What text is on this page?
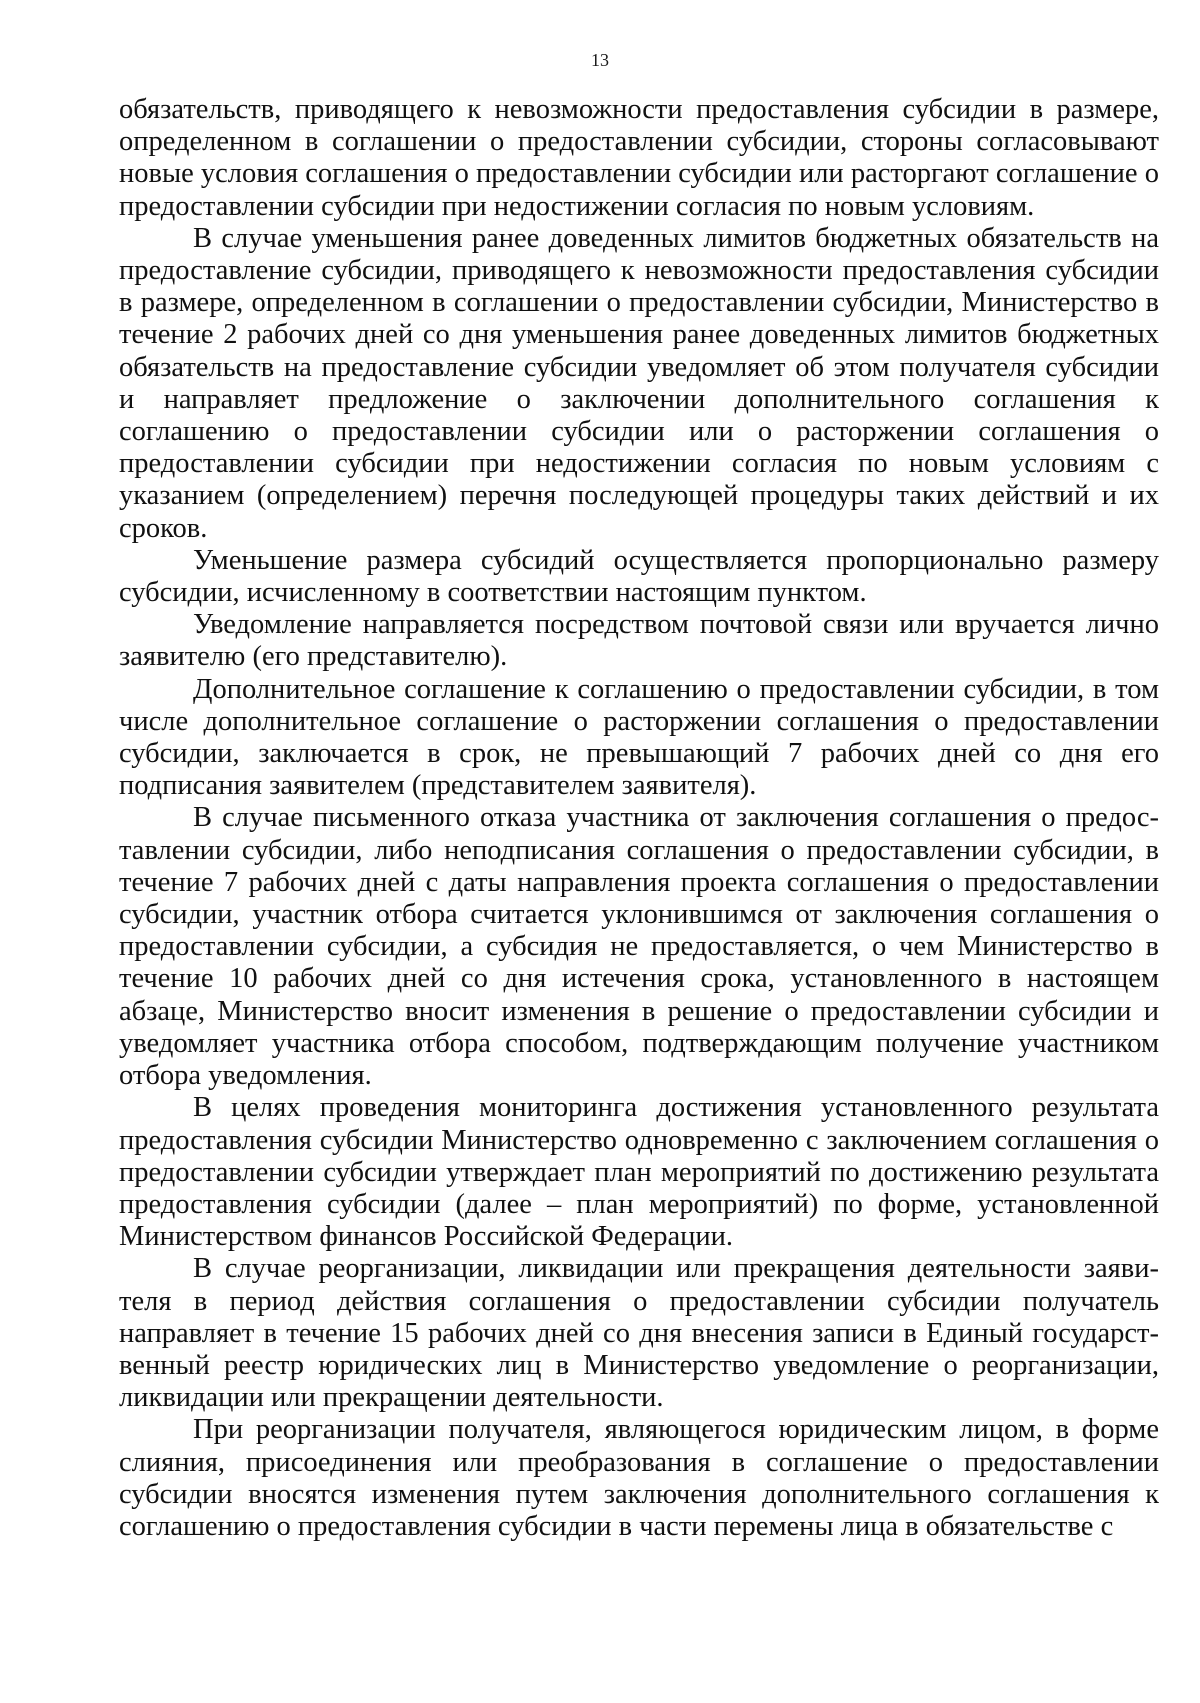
13

обязательств, приводящего к невозможности предоставления субсидии в размере, определенном в соглашении о предоставлении субсидии, стороны согласовывают новые условия соглашения о предоставлении субсидии или расторгают соглашение о предоставлении субсидии при недостижении согласия по новым условиям.

В случае уменьшения ранее доведенных лимитов бюджетных обязательств на предоставление субсидии, приводящего к невозможности предоставления субсидии в размере, определенном в соглашении о предоставлении субсидии, Министерство в течение 2 рабочих дней со дня уменьшения ранее доведенных лимитов бюджетных обязательств на предоставление субсидии уведомляет об этом получателя субсидии и направляет предложение о заключении дополнительного соглашения к соглашению о предоставлении субсидии или о расторжении соглашения о предоставлении субсидии при недостижении согласия по новым условиям с указанием (определением) перечня последующей процедуры таких действий и их сроков.

Уменьшение размера субсидий осуществляется пропорционально размеру субсидии, исчисленному в соответствии настоящим пунктом.

Уведомление направляется посредством почтовой связи или вручается лично заявителю (его представителю).

Дополнительное соглашение к соглашению о предоставлении субсидии, в том числе дополнительное соглашение о расторжении соглашения о предоставлении субсидии, заключается в срок, не превышающий 7 рабочих дней со дня его подписания заявителем (представителем заявителя).

В случае письменного отказа участника от заключения соглашения о предоставлении субсидии, либо неподписания соглашения о предоставлении субсидии, в течение 7 рабочих дней с даты направления проекта соглашения о предоставлении субсидии, участник отбора считается уклонившимся от заключения соглашения о предоставлении субсидии, а субсидия не предоставляется, о чем Министерство в течение 10 рабочих дней со дня истечения срока, установленного в настоящем абзаце, Министерство вносит изменения в решение о предоставлении субсидии и уведомляет участника отбора способом, подтверждающим получение участником отбора уведомления.

В целях проведения мониторинга достижения установленного результата предоставления субсидии Министерство одновременно с заключением соглашения о предоставлении субсидии утверждает план мероприятий по достижению результата предоставления субсидии (далее – план мероприятий) по форме, установленной Министерством финансов Российской Федерации.

В случае реорганизации, ликвидации или прекращения деятельности заявителя в период действия соглашения о предоставлении субсидии получатель направляет в течение 15 рабочих дней со дня внесения записи в Единый государственный реестр юридических лиц в Министерство уведомление о реорганизации, ликвидации или прекращении деятельности.

При реорганизации получателя, являющегося юридическим лицом, в форме слияния, присоединения или преобразования в соглашение о предоставлении субсидии вносятся изменения путем заключения дополнительного соглашения к соглашению о предоставления субсидии в части перемены лица в обязательстве с
